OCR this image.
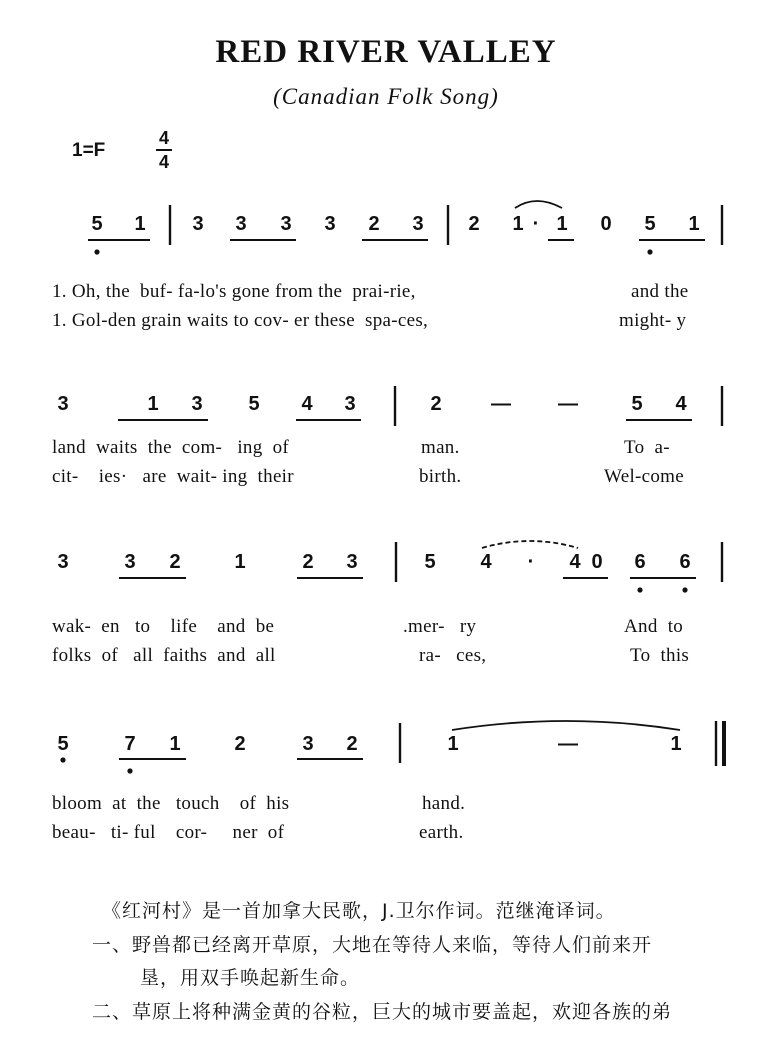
RED RIVER VALLEY
(Canadian Folk Song)
1=F
4
4
5 1 3 3 3 3 2 3 2 1 · 1 0 5 1
1. Oh, the  buf- fa-lo's gone from the  prai-rie,	and the
1. Gol-den grain waits to cov- er these  spa-ces,	might- y
3	1 3 5 4 3	2 — —	5 4
land  waits  the  com-   ing  of	man.	To  a-
cit-    ies·   are  wait- ing  their	birth.	Wel-come
3	3 2	1	2 3	5 4 · 4 0 6 6
wak-  en   to    life    and  be	.mer-   ry	And  to
folks  of   all  faiths  and  all	ra-   ces,	To  this
5	7 1	2	3 2	1	—	1
bloom  at  the   touch    of  his	hand.
beau-   ti- ful    cor-     ner  of	earth.
《红河村》是一首加拿大民歌，J.卫尔作词。范继淹译词。
一、野兽都已经离开草原，大地在等待人来临，等待人们前来开
垦，用双手唤起新生命。
二、草原上将种满金黄的谷粒，巨大的城市要盖起，欢迎各族的弟
